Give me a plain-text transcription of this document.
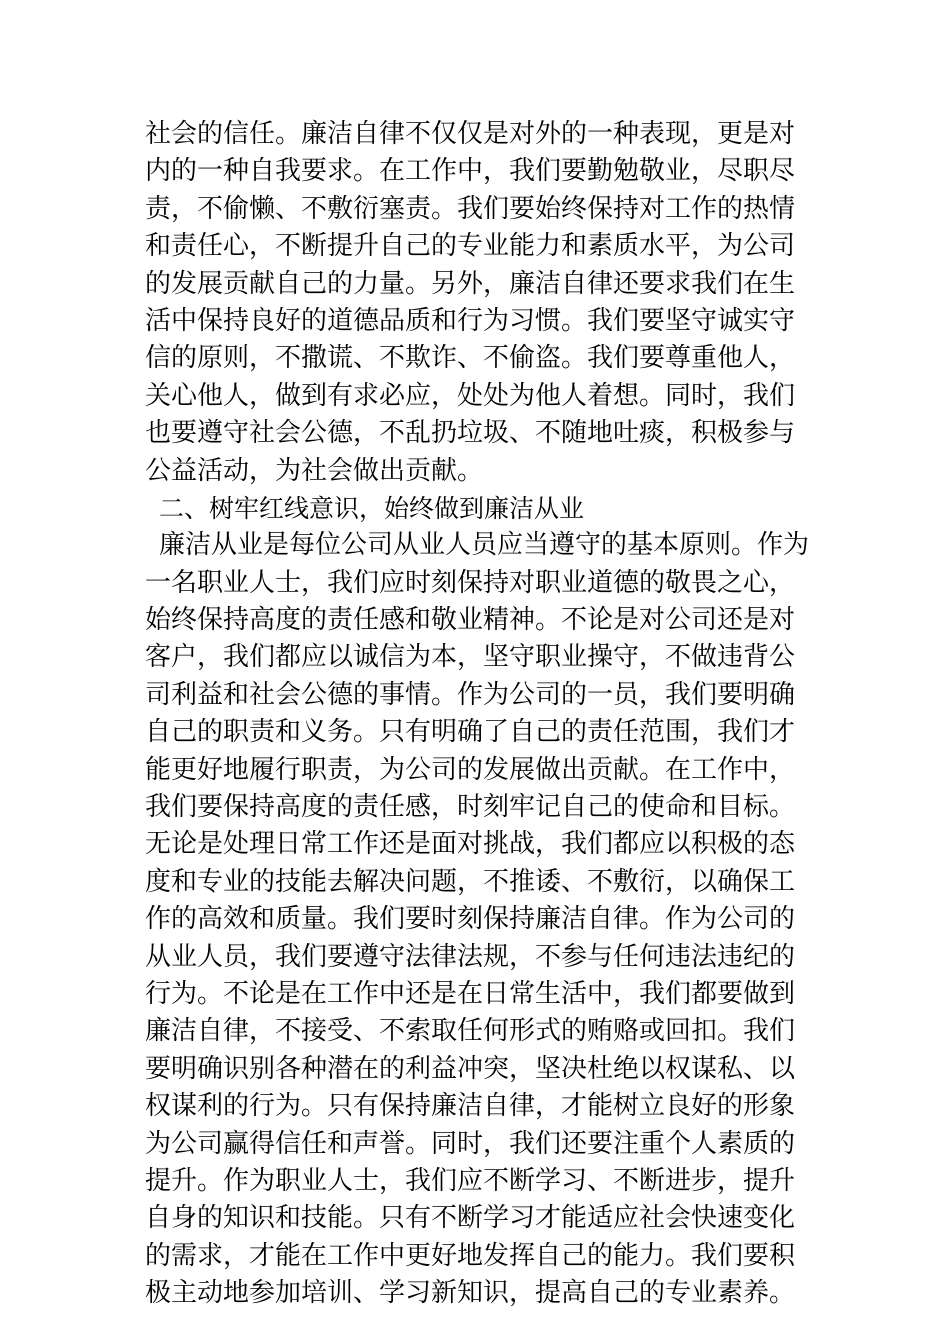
社会的信任。廉洁自律不仅仅是对外的一种表现，更是对
内的一种自我要求。在工作中，我们要勤勉敬业，尽职尽
责，不偷懒、不敷衍塞责。我们要始终保持对工作的热情
和责任心，不断提升自己的专业能力和素质水平，为公司
的发展贡献自己的力量。另外，廉洁自律还要求我们在生
活中保持良好的道德品质和行为习惯。我们要坚守诚实守
信的原则，不撒谎、不欺诈、不偷盗。我们要尊重他人，
关心他人，做到有求必应，处处为他人着想。同时，我们
也要遵守社会公德，不乱扔垃圾、不随地吐痰，积极参与
公益活动，为社会做出贡献。
二、树牢红线意识，始终做到廉洁从业
廉洁从业是每位公司从业人员应当遵守的基本原则。作为
一名职业人士，我们应时刻保持对职业道德的敬畏之心，
始终保持高度的责任感和敬业精神。不论是对公司还是对
客户，我们都应以诚信为本，坚守职业操守，不做违背公
司利益和社会公德的事情。作为公司的一员，我们要明确
自己的职责和义务。只有明确了自己的责任范围，我们才
能更好地履行职责，为公司的发展做出贡献。在工作中，
我们要保持高度的责任感，时刻牢记自己的使命和目标。
无论是处理日常工作还是面对挑战，我们都应以积极的态
度和专业的技能去解决问题，不推诿、不敷衍，以确保工
作的高效和质量。我们要时刻保持廉洁自律。作为公司的
从业人员，我们要遵守法律法规，不参与任何违法违纪的
行为。不论是在工作中还是在日常生活中，我们都要做到
廉洁自律，不接受、不索取任何形式的贿赂或回扣。我们
要明确识别各种潜在的利益冲突，坚决杜绝以权谋私、以
权谋利的行为。只有保持廉洁自律，才能树立良好的形象
为公司赢得信任和声誉。同时，我们还要注重个人素质的
提升。作为职业人士，我们应不断学习、不断进步，提升
自身的知识和技能。只有不断学习才能适应社会快速变化
的需求，才能在工作中更好地发挥自己的能力。我们要积
极主动地参加培训、学习新知识，提高自己的专业素养。
